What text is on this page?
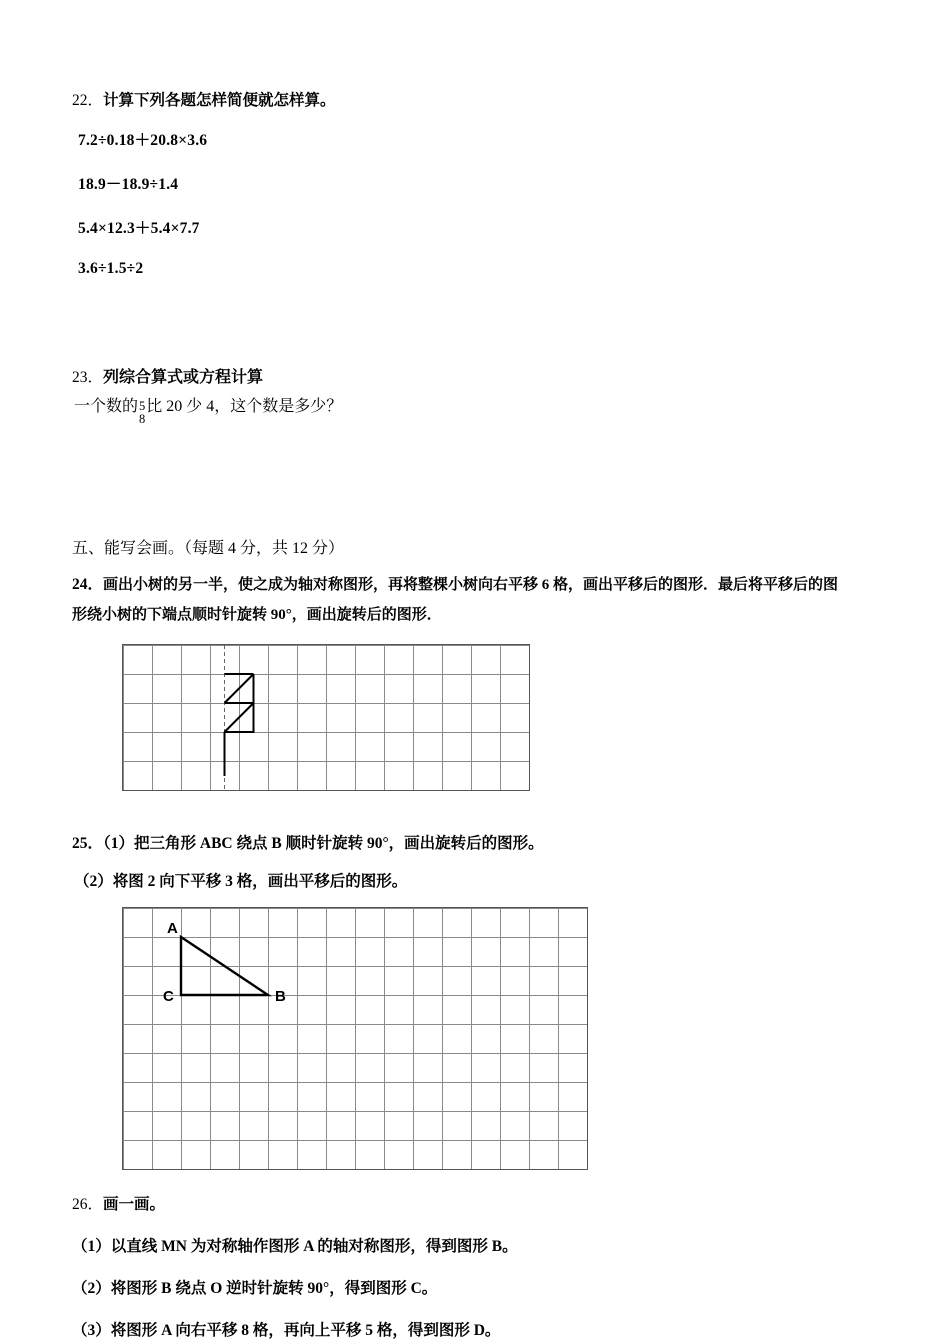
22． 计算下列各题怎样简便就怎样算。
7.2÷0.18＋20.8×3.6
18.9－18.9÷1.4
5.4×12.3＋5.4×7.7
3.6÷1.5÷2
23． 列综合算式或方程计算
一个数的 5
8
比 20 少 4，这个数是多少？
五、能写会画。（每题 4 分，共 12 分）
24．画出小树的另一半，使之成为轴对称图形，再将整棵小树向右平移 6 格，画出平移后的图形．最后将平移后的图
形绕小树的下端点顺时针旋转 90°，画出旋转后的图形．
25．（1）把三角形 ABC 绕点 B 顺时针旋转 90°，画出旋转后的图形。
（2）将图 2 向下平移 3 格，画出平移后的图形。
A
C	B
26． 画一画。
（1）以直线 MN 为对称轴作图形 A 的轴对称图形，得到图形 B。
（2）将图形 B 绕点 O 逆时针旋转 90°，得到图形 C。
（3）将图形 A 向右平移 8 格，再向上平移 5 格，得到图形 D。
